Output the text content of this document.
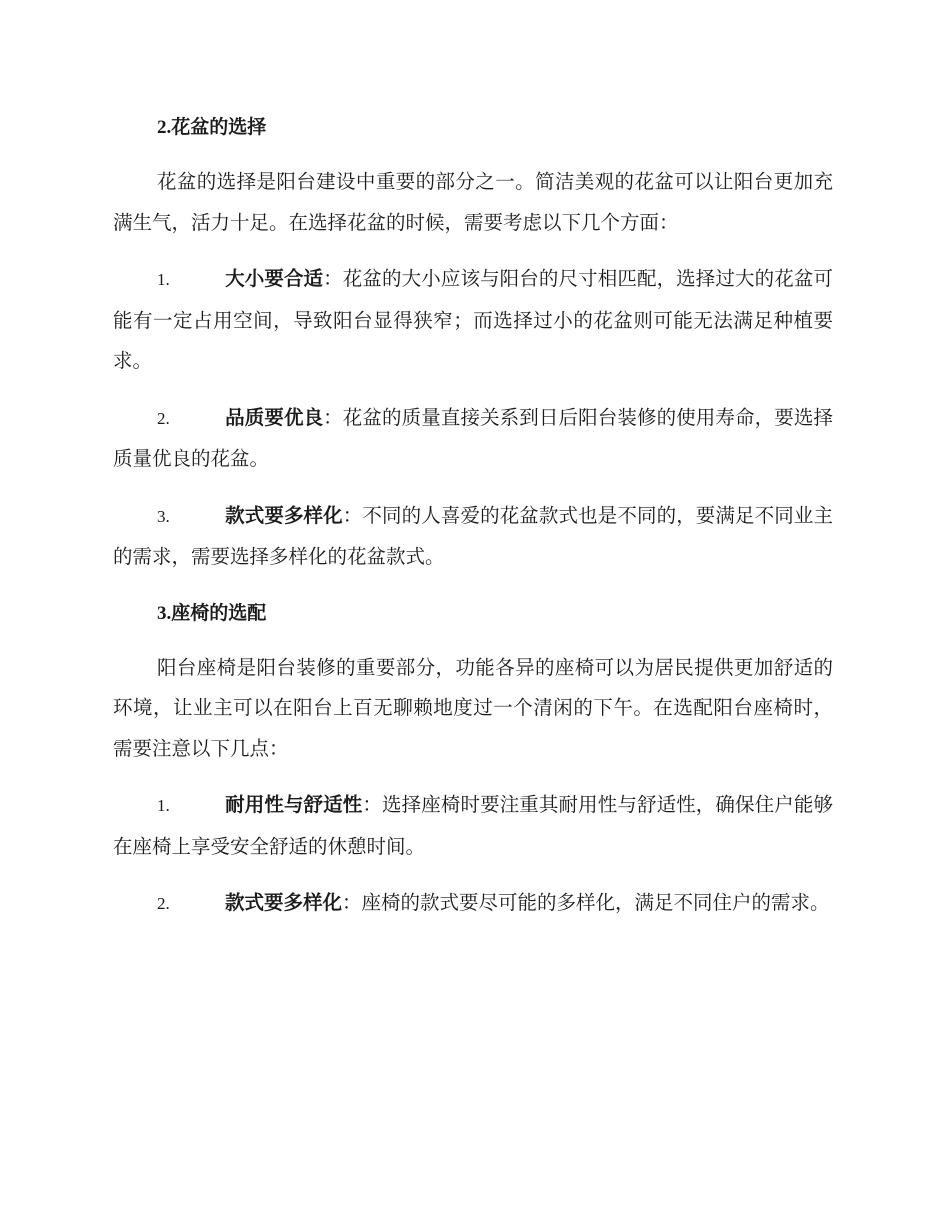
2.花盆的选择

花盆的选择是阳台建设中重要的部分之一。简洁美观的花盆可以让阳台更加充满生气，活力十足。在选择花盆的时候，需要考虑以下几个方面：

1.	大小要合适：花盆的大小应该与阳台的尺寸相匹配，选择过大的花盆可能有一定占用空间，导致阳台显得狭窄；而选择过小的花盆则可能无法满足种植要求。

2.	品质要优良：花盆的质量直接关系到日后阳台装修的使用寿命，要选择质量优良的花盆。

3.	款式要多样化：不同的人喜爱的花盆款式也是不同的，要满足不同业主的需求，需要选择多样化的花盆款式。

3.座椅的选配

阳台座椅是阳台装修的重要部分，功能各异的座椅可以为居民提供更加舒适的环境，让业主可以在阳台上百无聊赖地度过一个清闲的下午。在选配阳台座椅时，需要注意以下几点：

1.	耐用性与舒适性：选择座椅时要注重其耐用性与舒适性，确保住户能够在座椅上享受安全舒适的休憩时间。

2.	款式要多样化：座椅的款式要尽可能的多样化，满足不同住户的需求。
